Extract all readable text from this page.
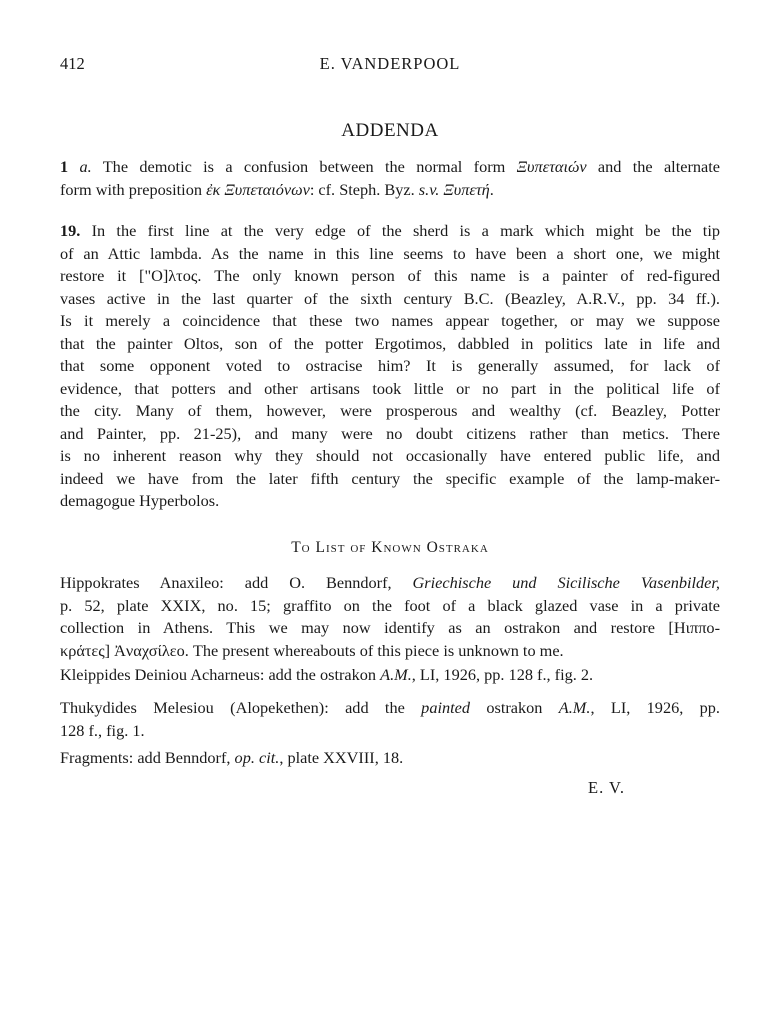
412	E. VANDERPOOL
ADDENDA
1 a. The demotic is a confusion between the normal form Ξυπεταιών and the alternate
form with preposition ἐκ Ξυπεταιόνων: cf. Steph. Byz. s.v. Ξυπετή.
19. In the first line at the very edge of the sherd is a mark which might be the tip
of an Attic lambda. As the name in this line seems to have been a short one, we might
restore it ["O]λτος. The only known person of this name is a painter of red-figured
vases active in the last quarter of the sixth century B.C. (Beazley, A.R.V., pp. 34 ff.).
Is it merely a coincidence that these two names appear together, or may we suppose
that the painter Oltos, son of the potter Ergotimos, dabbled in politics late in life and
that some opponent voted to ostracise him? It is generally assumed, for lack of
evidence, that potters and other artisans took little or no part in the political life of
the city. Many of them, however, were prosperous and wealthy (cf. Beazley, Potter
and Painter, pp. 21-25), and many were no doubt citizens rather than metics. There
is no inherent reason why they should not occasionally have entered public life, and
indeed we have from the later fifth century the specific example of the lamp-maker-
demagogue Hyperbolos.
To List of Known Ostraka
Hippokrates Anaxileo: add O. Benndorf, Griechische und Sicilische Vasenbilder,
p. 52, plate XXIX, no. 15; graffito on the foot of a black glazed vase in a private
collection in Athens. This we may now identify as an ostrakon and restore [Ηιππο-
κράτες] Ἀναχσίλεο. The present whereabouts of this piece is unknown to me.
Kleippides Deiniou Acharneus: add the ostrakon A.M., LI, 1926, pp. 128 f., fig. 2.
Thukydides Melesiou (Alopekethen): add the painted ostrakon A.M., LI, 1926, pp.
128 f., fig. 1.
Fragments: add Benndorf, op. cit., plate XXVIII, 18.
E. V.
